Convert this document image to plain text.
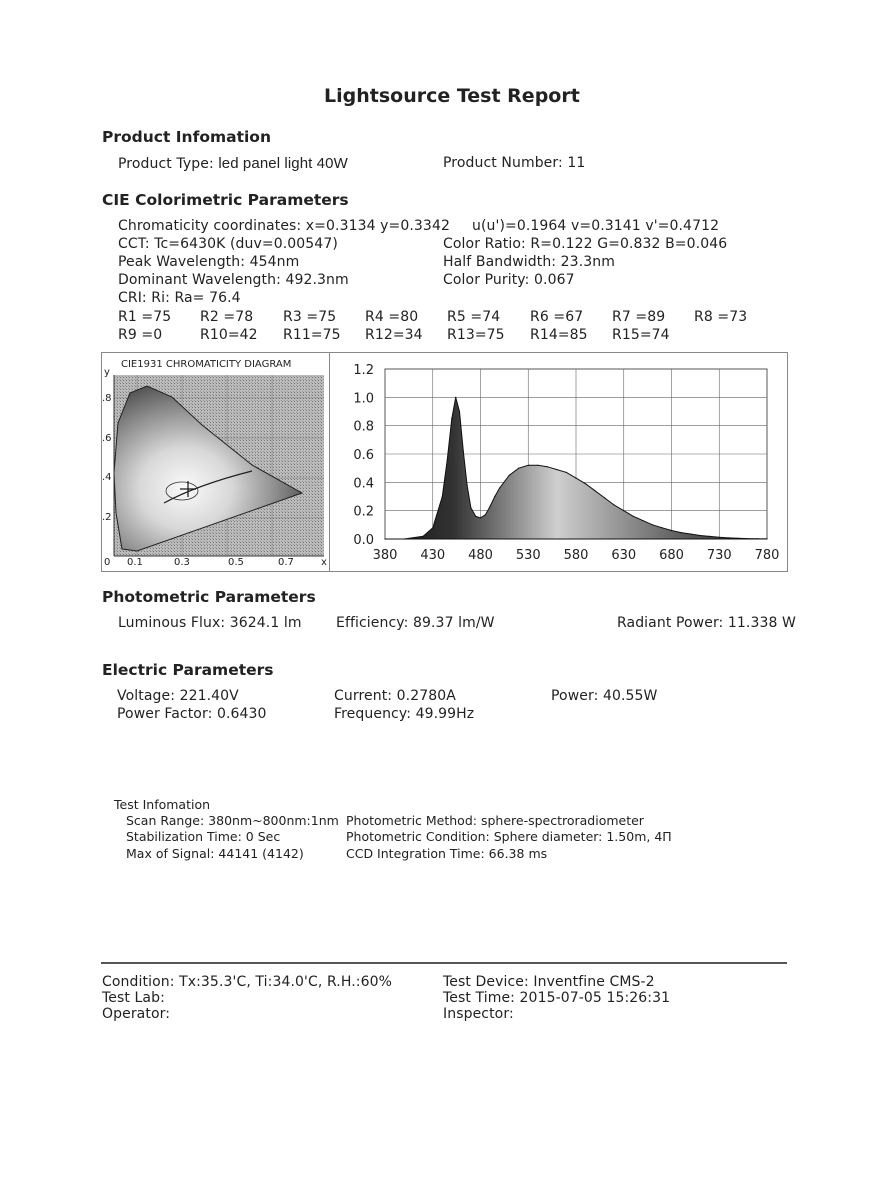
Lightsource Test Report
Product Infomation
Product Type: led panel light 40W	Product Number: 11
CIE Colorimetric Parameters
Chromaticity coordinates: x=0.3134 y=0.3342 u(u')=0.1964 v=0.3141 v'=0.4712
CCT: Tc=6430K (duv=0.00547)	Color Ratio: R=0.122 G=0.832 B=0.046
Peak Wavelength: 454nm	Half Bandwidth: 23.3nm
Dominant Wavelength: 492.3nm	Color Purity: 0.067
CRI: Ri: Ra= 76.4
R1 =75 R2 =78 R3 =75 R4 =80 R5 =74 R6 =67 R7 =89 R8 =73
R9 =0	R10=42 R11=75 R12=34 R13=75 R14=85 R15=74
CIE1931 CHROMATICITY DIAGRAM
y
.8
.6
.4
.2
0 0.1	0.3	0.5	0.7	x
1.2
1.0
0.8
0.6
0.4
0.2
0.0
380 430 480 530 580 630 680 730 780
Photometric Parameters
Luminous Flux: 3624.1 lm Efficiency: 89.37 lm/W	Radiant Power: 11.338 W
Electric Parameters
Voltage: 221.40V	Current: 0.2780A	Power: 40.55W
Power Factor: 0.6430	Frequency: 49.99Hz
Test Infomation
Scan Range: 380nm~800nm:1nm Photometric Method: sphere-spectroradiometer
Stabilization Time: 0 Sec	Photometric Condition: Sphere diameter: 1.50m, 4Π
Max of Signal: 44141 (4142)	CCD Integration Time: 66.38 ms
Condition: Tx:35.3'C, Ti:34.0'C, R.H.:60%	Test Device: Inventfine CMS-2
Test Lab:	Test Time: 2015-07-05 15:26:31
Operator:	Inspector:
